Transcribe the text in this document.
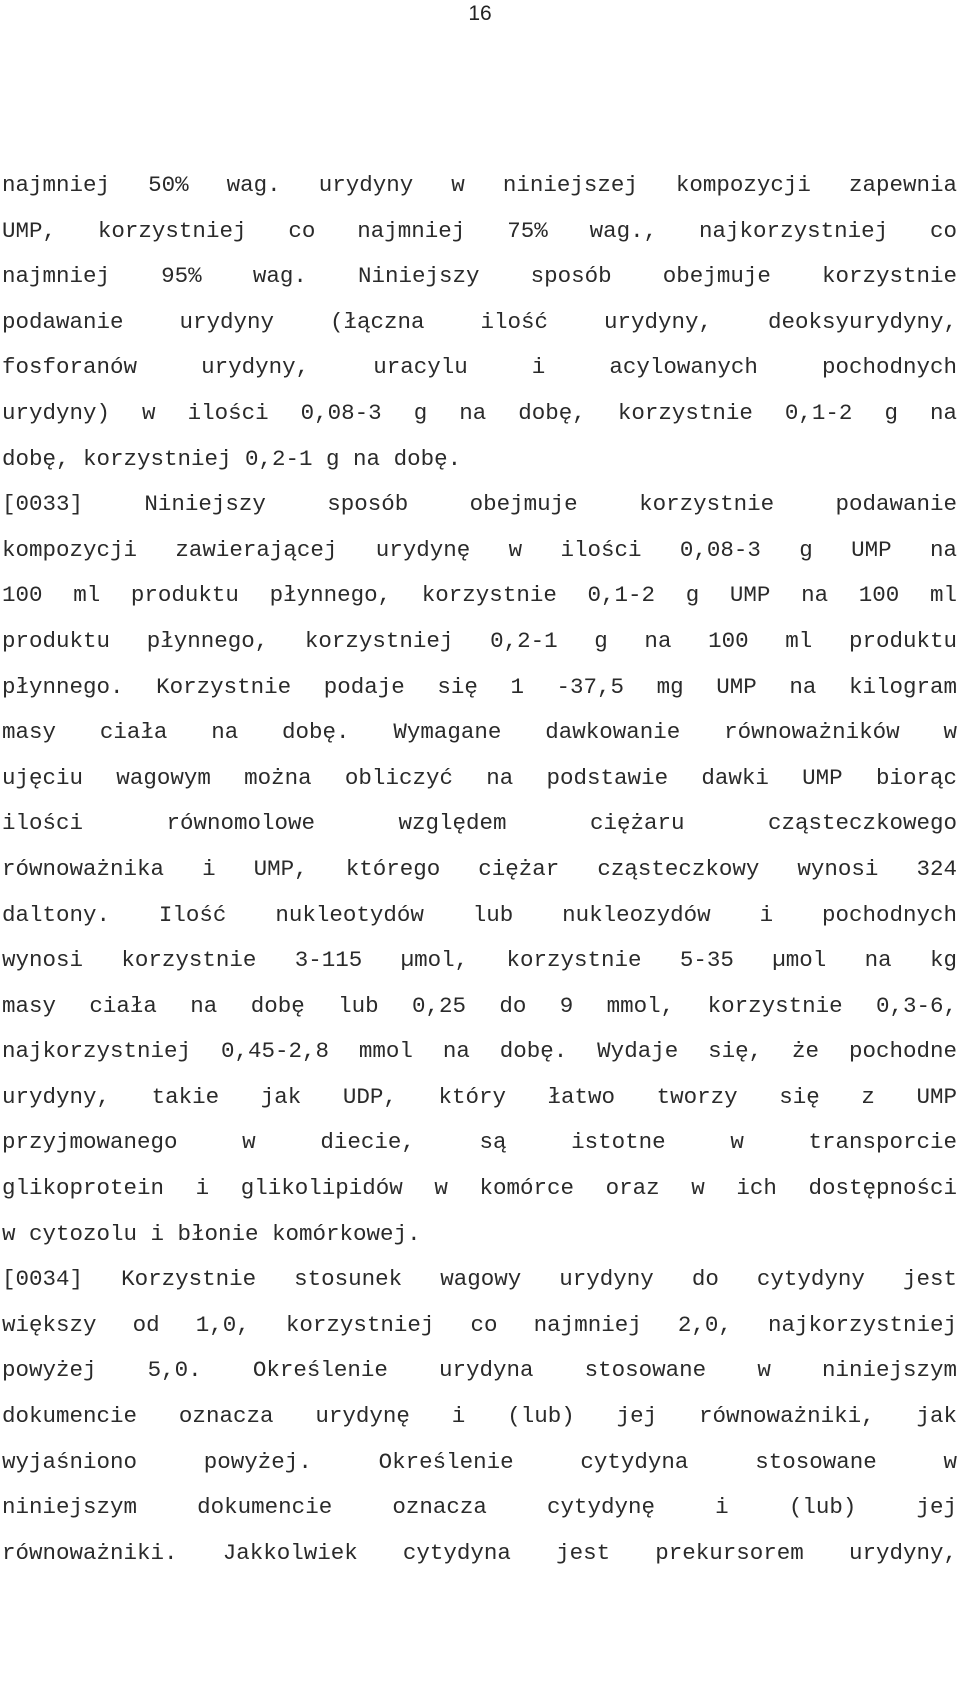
16
najmniej 50% wag. urydyny w niniejszej kompozycji zapewnia
UMP, korzystniej co najmniej 75% wag., najkorzystniej co
najmniej 95% wag. Niniejszy sposób obejmuje korzystnie
podawanie urydyny (łączna ilość urydyny, deoksyurydyny,
fosforanów urydyny, uracylu i acylowanych pochodnych
urydyny) w ilości 0,08-3 g na dobę, korzystnie 0,1-2 g na
dobę, korzystniej 0,2-1 g na dobę.
[0033]	Niniejszy sposób obejmuje korzystnie podawanie
kompozycji zawierającej urydynę w ilości 0,08-3 g UMP na
100 ml produktu płynnego, korzystnie 0,1-2 g UMP na 100 ml
produktu płynnego, korzystniej 0,2-1 g na 100 ml produktu
płynnego. Korzystnie podaje się 1 -37,5 mg UMP na kilogram
masy ciała na dobę. Wymagane dawkowanie równoważników w
ujęciu wagowym można obliczyć na podstawie dawki UMP biorąc
ilości równomolowe względem ciężaru cząsteczkowego
równoważnika i UMP, którego ciężar cząsteczkowy wynosi 324
daltony. Ilość nukleotydów lub nukleozydów i pochodnych
wynosi korzystnie 3-115 µmol, korzystnie 5-35 µmol na kg
masy ciała na dobę lub 0,25 do 9 mmol, korzystnie 0,3-6,
najkorzystniej 0,45-2,8 mmol na dobę. Wydaje się, że pochodne
urydyny, takie jak UDP, który łatwo tworzy się z UMP
przyjmowanego w diecie, są istotne w transporcie
glikoprotein i glikolipidów w komórce oraz w ich dostępności
w cytozolu i błonie komórkowej.
[0034] Korzystnie stosunek wagowy urydyny do cytydyny jest
większy od 1,0, korzystniej co najmniej 2,0, najkorzystniej
powyżej 5,0. Określenie urydyna stosowane w niniejszym
dokumencie oznacza urydynę i (lub) jej równoważniki, jak
wyjaśniono powyżej. Określenie cytydyna stosowane w
niniejszym dokumencie oznacza cytydynę i (lub) jej
równoważniki. Jakkolwiek cytydyna jest prekursorem urydyny,
